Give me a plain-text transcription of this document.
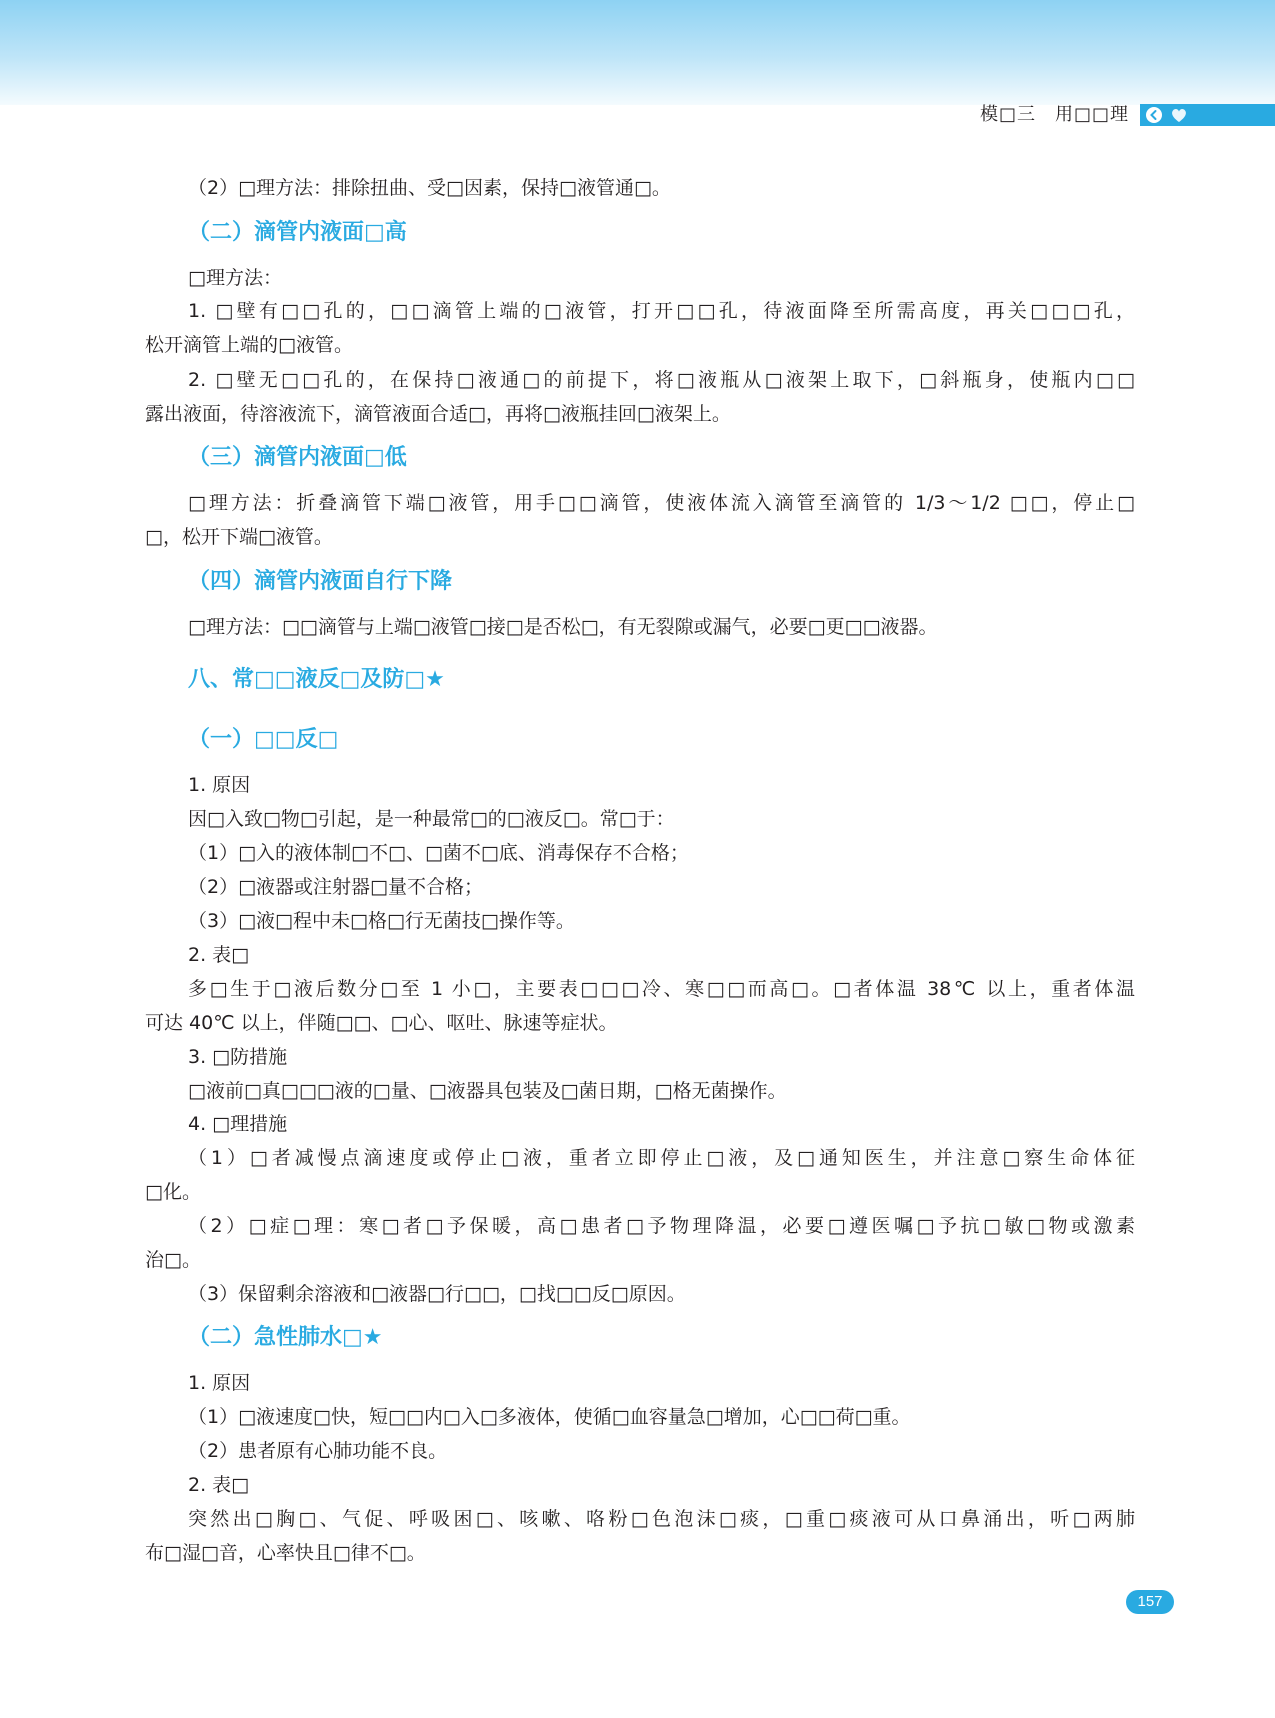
模□三　用□□理

（2）□理方法：排除扭曲、受□因素，保持□液管通□。

（二）滴管内液面□高

□理方法：

1. □壁有□□孔的，□□滴管上端的□液管，打开□□孔，待液面降至所需高度，再关□□□孔，

松开滴管上端的□液管。

2. □壁无□□孔的，在保持□液通□的前提下，将□液瓶从□液架上取下，□斜瓶身，使瓶内□□

露出液面，待溶液流下，滴管液面合适□，再将□液瓶挂回□液架上。

（三）滴管内液面□低

□理方法：折叠滴管下端□液管，用手□□滴管，使液体流入滴管至滴管的 1/3～1/2 □□，停止□

□，松开下端□液管。

（四）滴管内液面自行下降

□理方法：□□滴管与上端□液管□接□是否松□，有无裂隙或漏气，必要□更□□液器。

八、常□□液反□及防□★
（一）□□反□

1. 原因

因□入致□物□引起，是一种最常□的□液反□。常□于：

（1）□入的液体制□不□、□菌不□底、消毒保存不合格；

（2）□液器或注射器□量不合格；

（3）□液□程中未□格□行无菌技□操作等。

2. 表□

多□生于□液后数分□至 1 小□，主要表□□□冷、寒□□而高□。□者体温 38℃ 以上，重者体温

可达 40℃ 以上，伴随□□、□心、呕吐、脉速等症状。

3. □防措施

□液前□真□□□液的□量、□液器具包装及□菌日期，□格无菌操作。

4. □理措施

（1）□者减慢点滴速度或停止□液，重者立即停止□液，及□通知医生，并注意□察生命体征

□化。

（2）□症□理：寒□者□予保暖，高□患者□予物理降温，必要□遵医嘱□予抗□敏□物或激素

治□。

（3）保留剩余溶液和□液器□行□□，□找□□反□原因。

（二）急性肺水□★

1. 原因

（1）□液速度□快，短□□内□入□多液体，使循□血容量急□增加，心□□荷□重。

（2）患者原有心肺功能不良。

2. 表□

突然出□胸□、气促、呼吸困□、咳嗽、咯粉□色泡沫□痰，□重□痰液可从口鼻涌出，听□两肺

布□湿□音，心率快且□律不□。

157
